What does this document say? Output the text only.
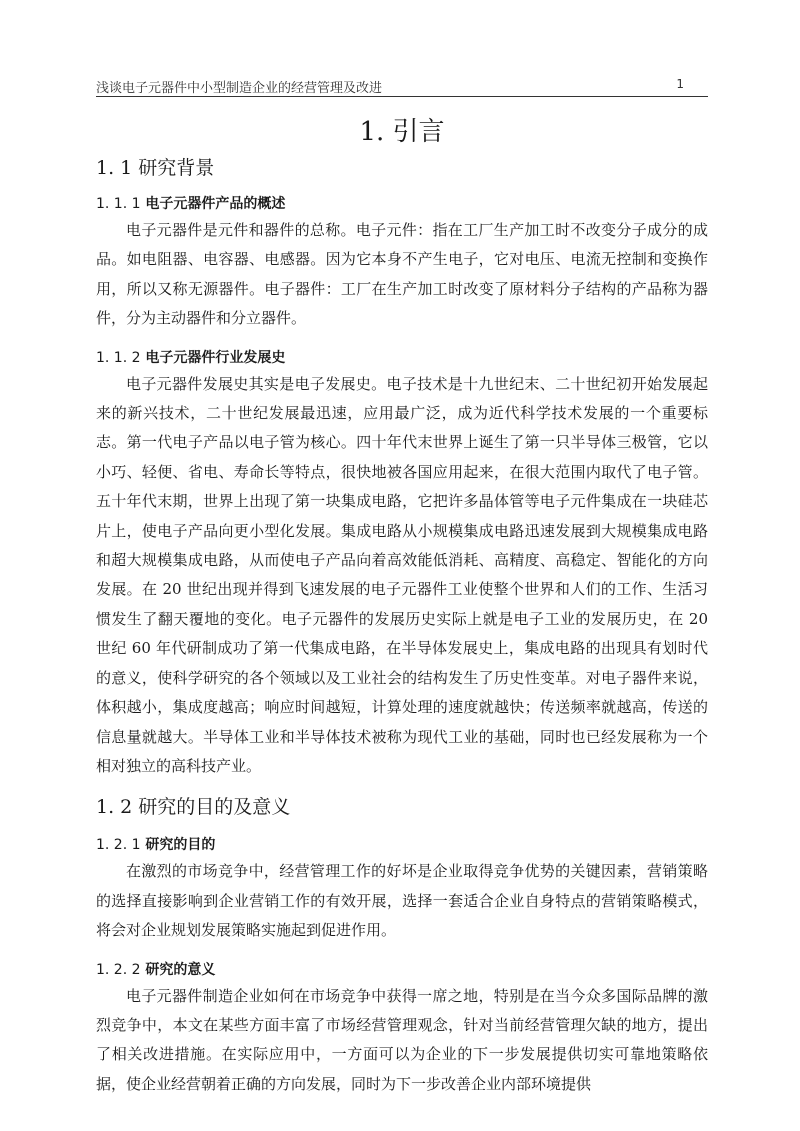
浅谈电子元器件中小型制造企业的经营管理及改进	1
1. 引言
1. 1 研究背景
1. 1. 1 电子元器件产品的概述

电子元器件是元件和器件的总称。电子元件：指在工厂生产加工时不改变分子成分的成品。如电阻器、电容器、电感器。因为它本身不产生电子，它对电压、电流无控制和变换作用，所以又称无源器件。电子器件：工厂在生产加工时改变了原材料分子结构的产品称为器件，分为主动器件和分立器件。

1. 1. 2 电子元器件行业发展史

电子元器件发展史其实是电子发展史。电子技术是十九世纪末、二十世纪初开始发展起来的新兴技术，二十世纪发展最迅速，应用最广泛，成为近代科学技术发展的一个重要标志。第一代电子产品以电子管为核心。四十年代末世界上诞生了第一只半导体三极管，它以小巧、轻便、省电、寿命长等特点，很快地被各国应用起来，在很大范围内取代了电子管。五十年代末期，世界上出现了第一块集成电路，它把许多晶体管等电子元件集成在一块硅芯片上，使电子产品向更小型化发展。集成电路从小规模集成电路迅速发展到大规模集成电路和超大规模集成电路，从而使电子产品向着高效能低消耗、高精度、高稳定、智能化的方向发展。在 20 世纪出现并得到飞速发展的电子元器件工业使整个世界和人们的工作、生活习惯发生了翻天覆地的变化。电子元器件的发展历史实际上就是电子工业的发展历史，在 20 世纪 60 年代研制成功了第一代集成电路，在半导体发展史上，集成电路的出现具有划时代的意义，使科学研究的各个领域以及工业社会的结构发生了历史性变革。对电子器件来说，体积越小，集成度越高；响应时间越短，计算处理的速度就越快；传送频率就越高，传送的信息量就越大。半导体工业和半导体技术被称为现代工业的基础，同时也已经发展称为一个相对独立的高科技产业。

1. 2 研究的目的及意义
1. 2. 1 研究的目的

在激烈的市场竞争中，经营管理工作的好坏是企业取得竞争优势的关键因素，营销策略的选择直接影响到企业营销工作的有效开展，选择一套适合企业自身特点的营销策略模式，将会对企业规划发展策略实施起到促进作用。

1. 2. 2 研究的意义

电子元器件制造企业如何在市场竞争中获得一席之地，特别是在当今众多国际品牌的激烈竞争中，本文在某些方面丰富了市场经营管理观念，针对当前经营管理欠缺的地方，提出了相关改进措施。在实际应用中，一方面可以为企业的下一步发展提供切实可靠地策略依据，使企业经营朝着正确的方向发展，同时为下一步改善企业内部环境提供
